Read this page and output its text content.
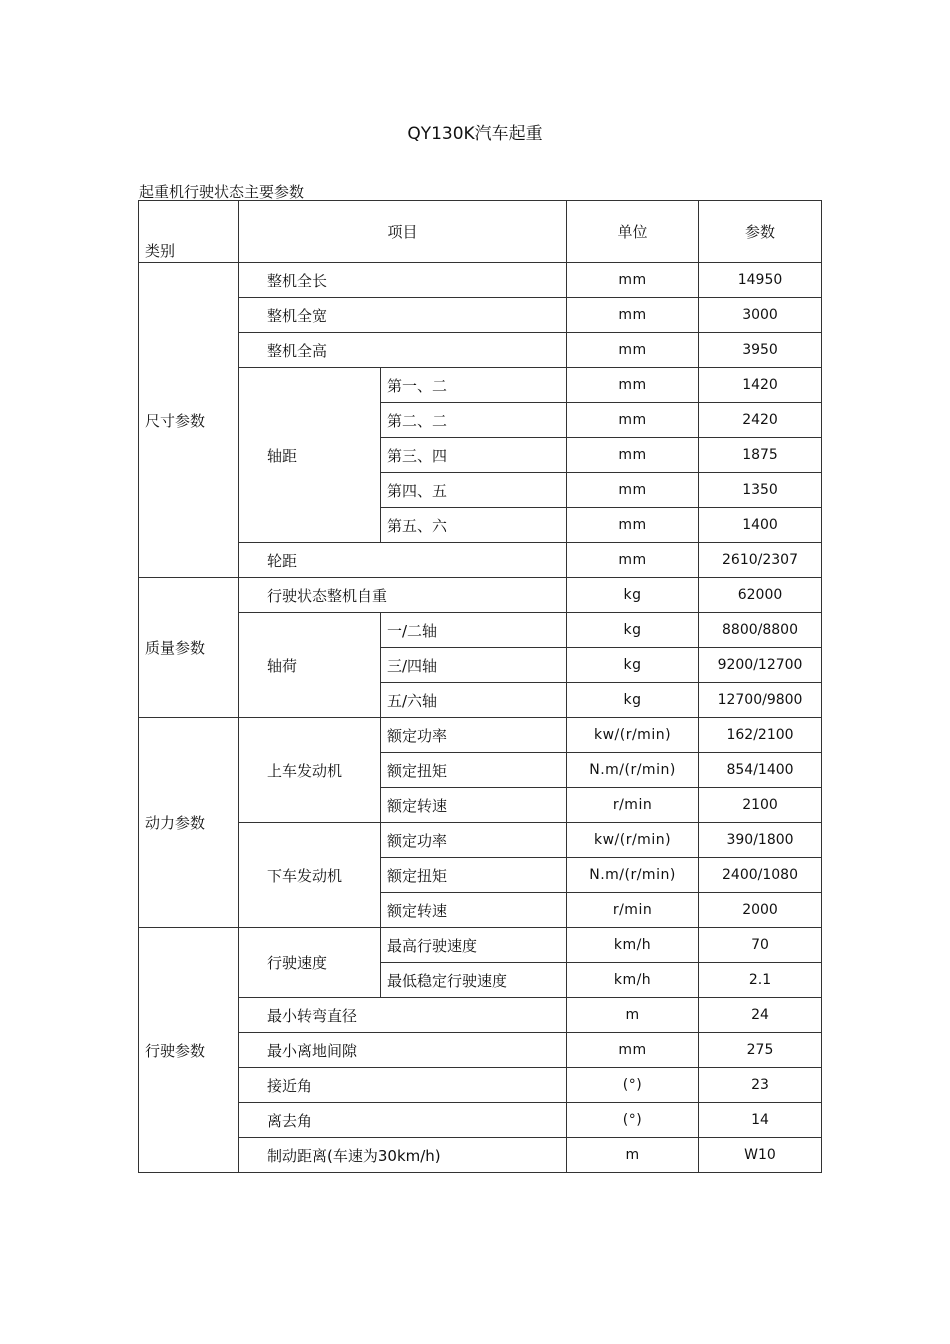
QY130K汽车起重
起重机行驶状态主要参数
类别	项目		单位	参数
尺寸参数	整机全长		mm	14950
	整机全宽		mm	3000
	整机全高		mm	3950
	轴距	第一、二	mm	1420
		第二、二	mm	2420
		第三、四	mm	1875
		第四、五	mm	1350
		第五、六	mm	1400
	轮距		mm	2610/2307
质量参数	行驶状态整机自重		kg	62000
	轴荷	一/二轴	kg	8800/8800
		三/四轴	kg	9200/12700
		五/六轴	kg	12700/9800
动力参数	上车发动机	额定功率	kw/(r/min)	162/2100
		额定扭矩	N.m/(r/min)	854/1400
		额定转速	r/min	2100
	下车发动机	额定功率	kw/(r/min)	390/1800
		额定扭矩	N.m/(r/min)	2400/1080
		额定转速	r/min	2000
行驶参数	行驶速度	最高行驶速度	km/h	70
		最低稳定行驶速度	km/h	2.1
	最小转弯直径		m	24
	最小离地间隙		mm	275
	接近角		(°)	23
	离去角		(°)	14
	制动距离(车速为30km/h)		m	W10
